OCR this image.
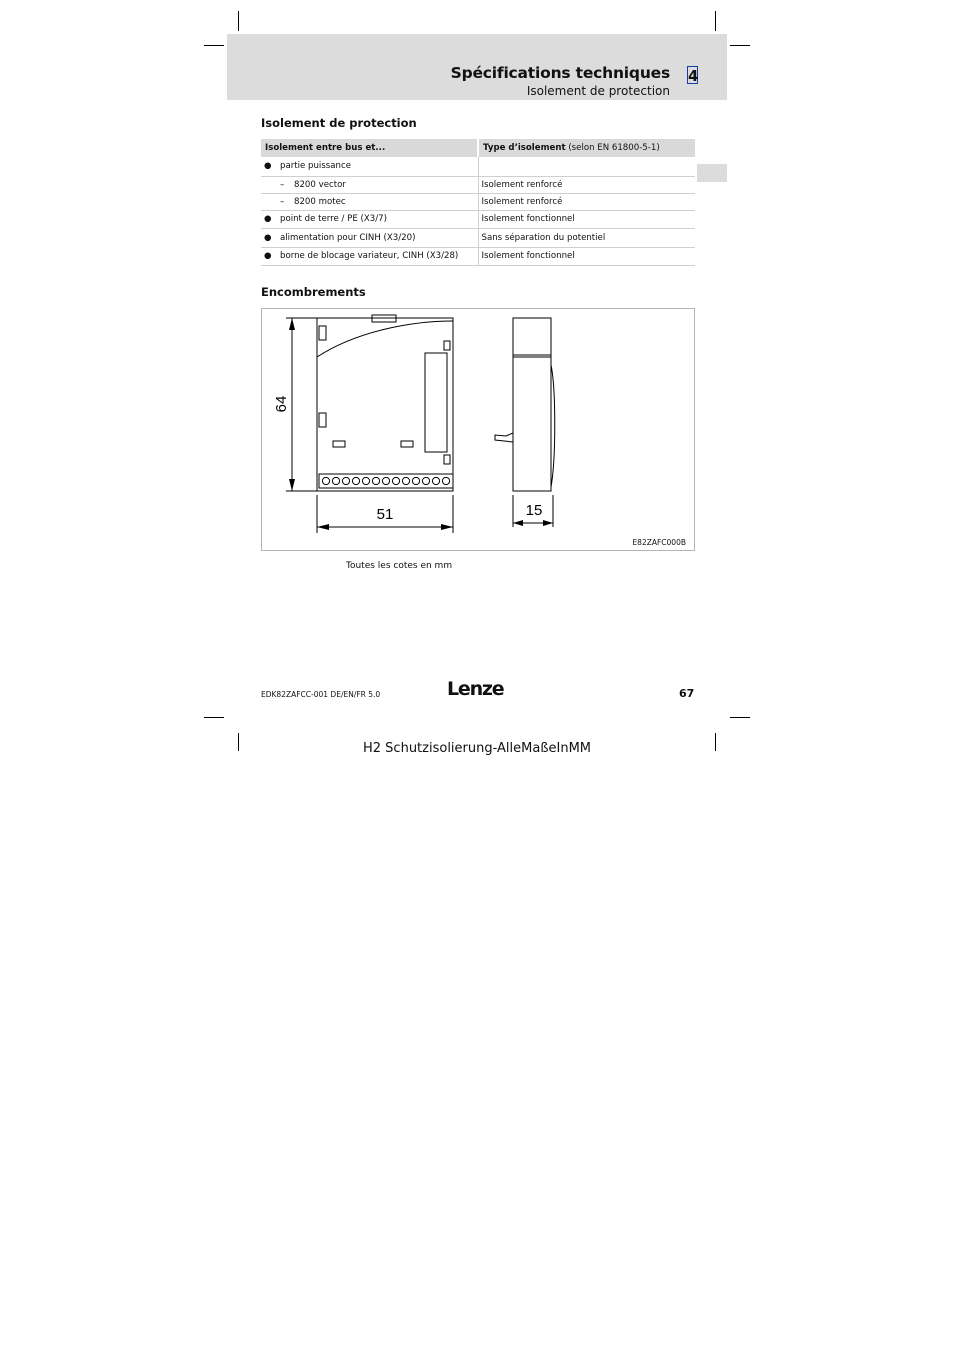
Spécifications techniques
Isolement de protection
4
Isolement de protection
Isolement entre bus et...	Type d’isolement (selon EN 61800-5-1)
● partie puissance	
– 8200 vector	Isolement renforcé
– 8200 motec	Isolement renforcé
● point de terre / PE (X3/7)	Isolement fonctionnel
● alimentation pour CINH (X3/20)	Sans séparation du potentiel
● borne de blocage variateur, CINH (X3/28)	Isolement fonctionnel
Encombrements
64
51	15
E82ZAFC000B
Toutes les cotes en mm
EDK82ZAFCC-001 DE/EN/FR 5.0	Lenze	67
H2 Schutzisolierung-AlleMaßeInMM
